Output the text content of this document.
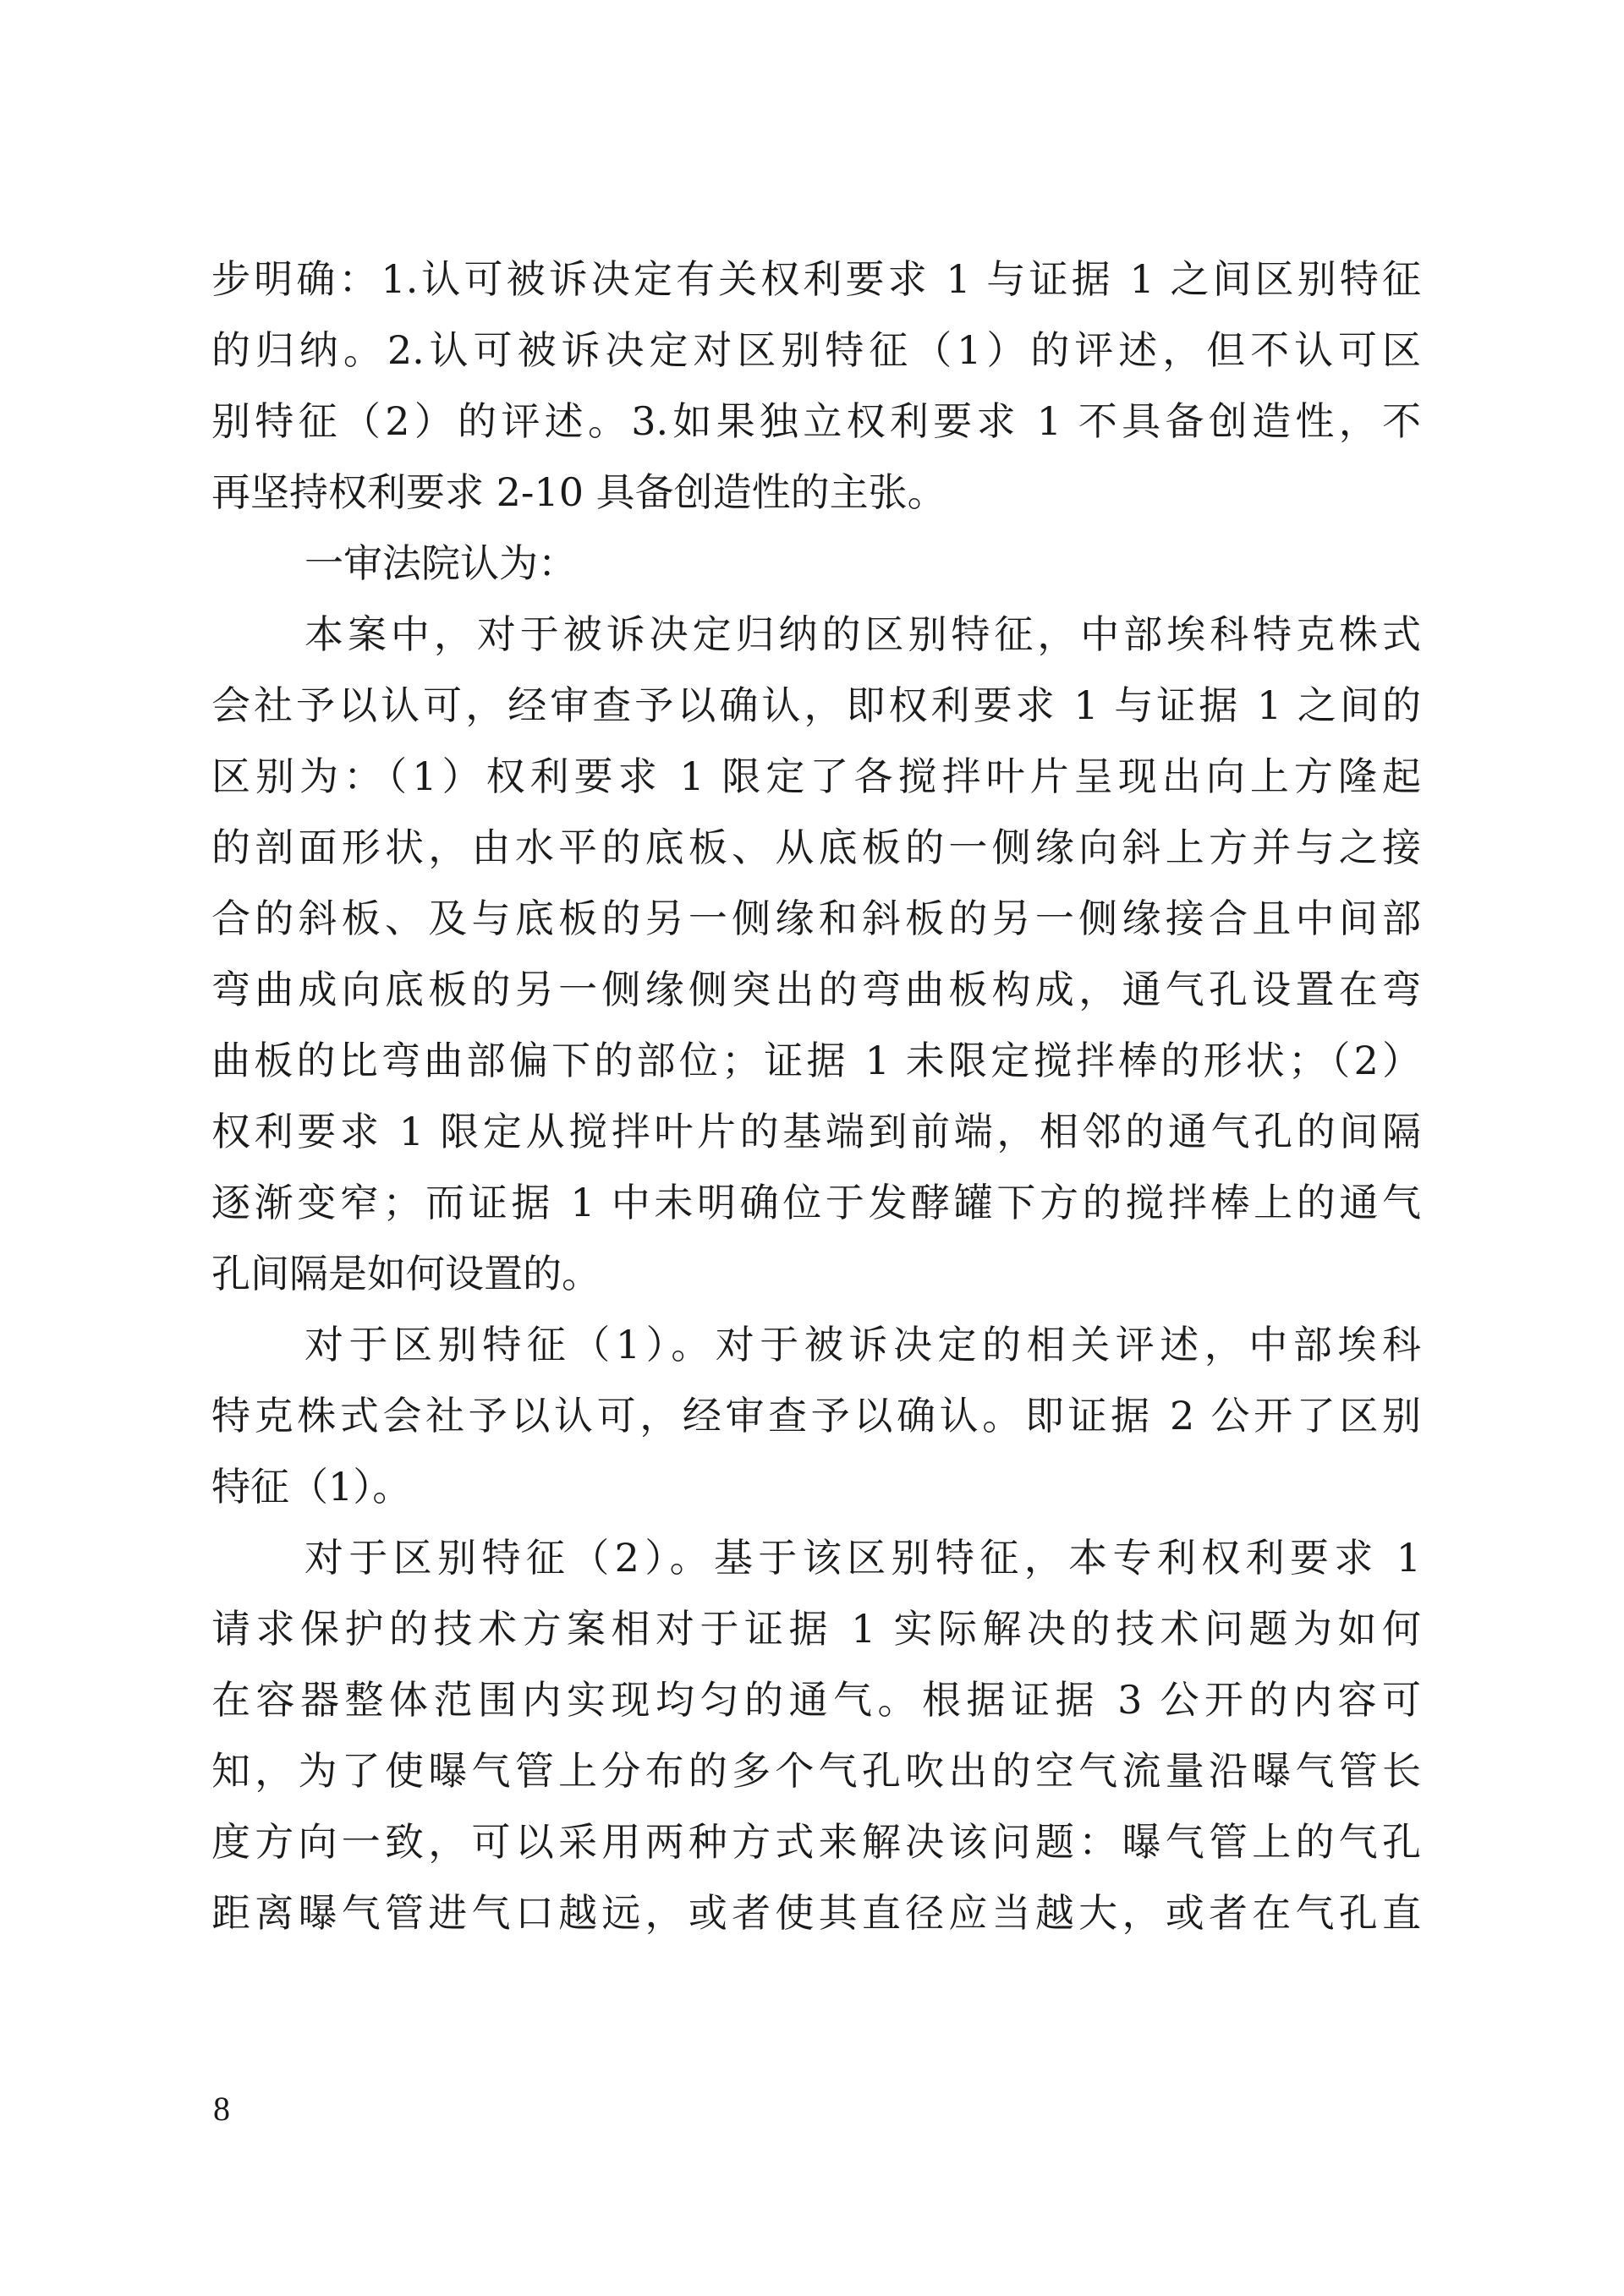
步明确：1.认可被诉决定有关权利要求 1 与证据 1 之间区别特征
的归纳。2.认可被诉决定对区别特征（1）的评述，但不认可区
别特征（2）的评述。3.如果独立权利要求 1 不具备创造性，不
再坚持权利要求 2-10 具备创造性的主张。
一审法院认为：
本案中，对于被诉决定归纳的区别特征，中部埃科特克株式
会社予以认可，经审查予以确认，即权利要求 1 与证据 1 之间的
区别为：（1）权利要求 1 限定了各搅拌叶片呈现出向上方隆起
的剖面形状，由水平的底板、从底板的一侧缘向斜上方并与之接
合的斜板、及与底板的另一侧缘和斜板的另一侧缘接合且中间部
弯曲成向底板的另一侧缘侧突出的弯曲板构成，通气孔设置在弯
曲板的比弯曲部偏下的部位；证据 1 未限定搅拌棒的形状；（2）
权利要求 1 限定从搅拌叶片的基端到前端，相邻的通气孔的间隔
逐渐变窄；而证据 1 中未明确位于发酵罐下方的搅拌棒上的通气
孔间隔是如何设置的。
对于区别特征（1）。对于被诉决定的相关评述，中部埃科
特克株式会社予以认可，经审查予以确认。即证据 2 公开了区别
特征（1）。
对于区别特征（2）。基于该区别特征，本专利权利要求 1
请求保护的技术方案相对于证据 1 实际解决的技术问题为如何
在容器整体范围内实现均匀的通气。根据证据 3 公开的内容可
知，为了使曝气管上分布的多个气孔吹出的空气流量沿曝气管长
度方向一致，可以采用两种方式来解决该问题：曝气管上的气孔
距离曝气管进气口越远，或者使其直径应当越大，或者在气孔直
8
